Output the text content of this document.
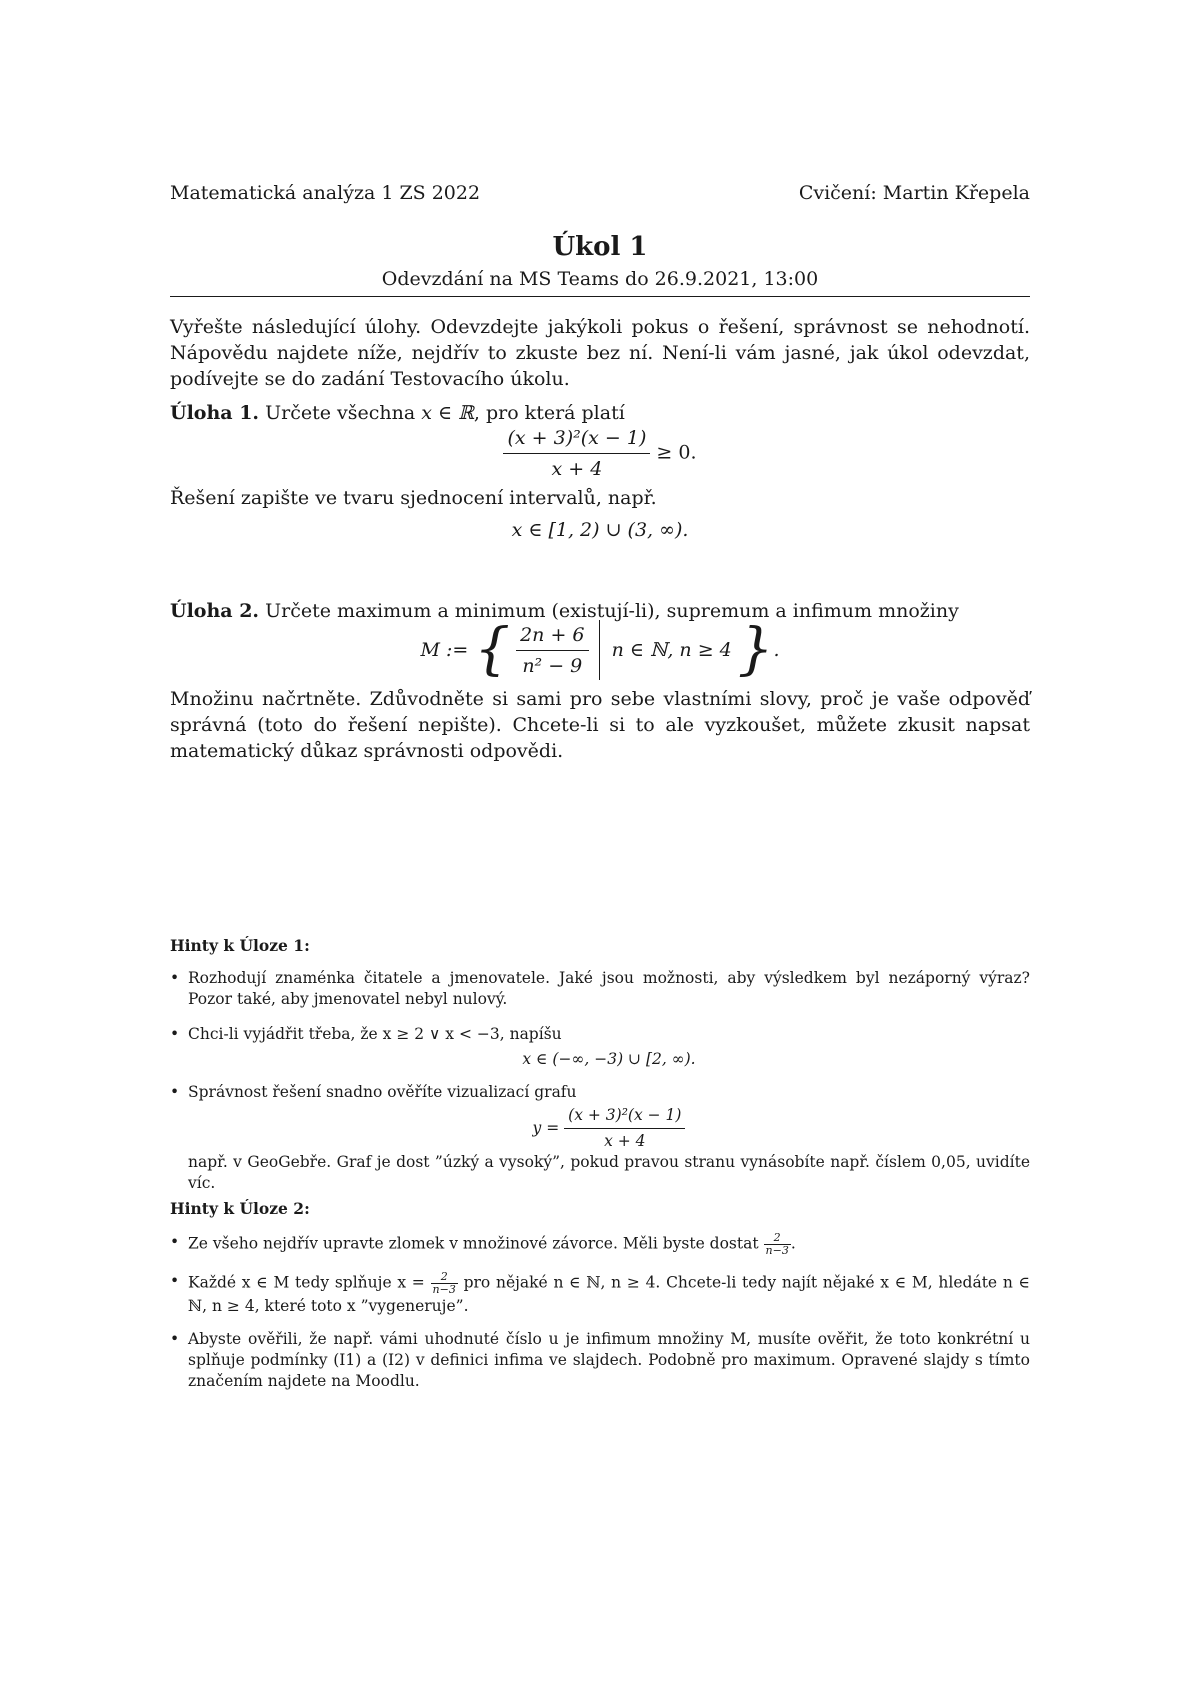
Matematická analýza 1 ZS 2022	Cvičení: Martin Křepela
Úkol 1
Odevzdání na MS Teams do 26.9.2021, 13:00
Vyřešte následující úlohy. Odevzdejte jakýkoli pokus o řešení, správnost se nehodnotí. Nápovědu najdete níže, nejdřív to zkuste bez ní. Není-li vám jasné, jak úkol odevzdat, podívejte se do zadání Testovacího úkolu.
Úloha 1. Určete všechna x ∈ ℝ, pro která platí
$\frac{\text{(x + 3)²(x − 1)}}{x + 4} \ge 0$.
Řešení zapište ve tvaru sjednocení intervalů, např.
x ∈ [1, 2) ∪ (3, ∞).
Úloha 2. Určete maximum a minimum (existují-li), supremum a infimum množiny
M := { $\frac{2n + 6}{\text{n² − 9}}$ n ∈ ℕ, n ≥ 4 }.
Množinu načrtněte. Zdůvodněte si sami pro sebe vlastními slovy, proč je vaše odpověď správná (toto do řešení nepište). Chcete-li si to ale vyzkoušet, můžete zkusit napsat matematický důkaz správnosti odpovědi.
Hinty k Úloze 1:
• Rozhodují znaménka čitatele a jmenovatele. Jaké jsou možnosti, aby výsledkem byl nezáporný výraz? Pozor také, aby jmenovatel nebyl nulový.
• Chci-li vyjádřit třeba, že x ≥ 2 ∨ x < −3, napíšu
x ∈ (−∞, −3) ∪ [2, ∞).
• Správnost řešení snadno ověříte vizualizací grafu
$y = \frac{\text{(x + 3)²(x − 1)}}{x + 4}$
např. v GeoGebře. Graf je dost ”úzký a vysoký”, pokud pravou stranu vynásobíte např. číslem 0,05, uvidíte víc.
Hinty k Úloze 2:
• Ze všeho nejdřív upravte zlomek v množinové závorce. Měli byste dostat $\frac{2}{n-3}$ .
• Každé x ∈ M tedy splňuje $x = \frac{2}{n-3}$ pro nějaké n ∈ ℕ, n ≥ 4. Chcete-li tedy najít nějaké x ∈ M, hledáte n ∈ ℕ, n ≥ 4, které toto x ”vygeneruje”.
• Abyste ověřili, že např. vámi uhodnuté číslo u je infimum množiny M, musíte ověřit, že toto konkrétní u splňuje podmínky (I1) a (I2) v definici infima ve slajdech. Podobně pro maximum. Opravené slajdy s tímto značením najdete na Moodlu.
